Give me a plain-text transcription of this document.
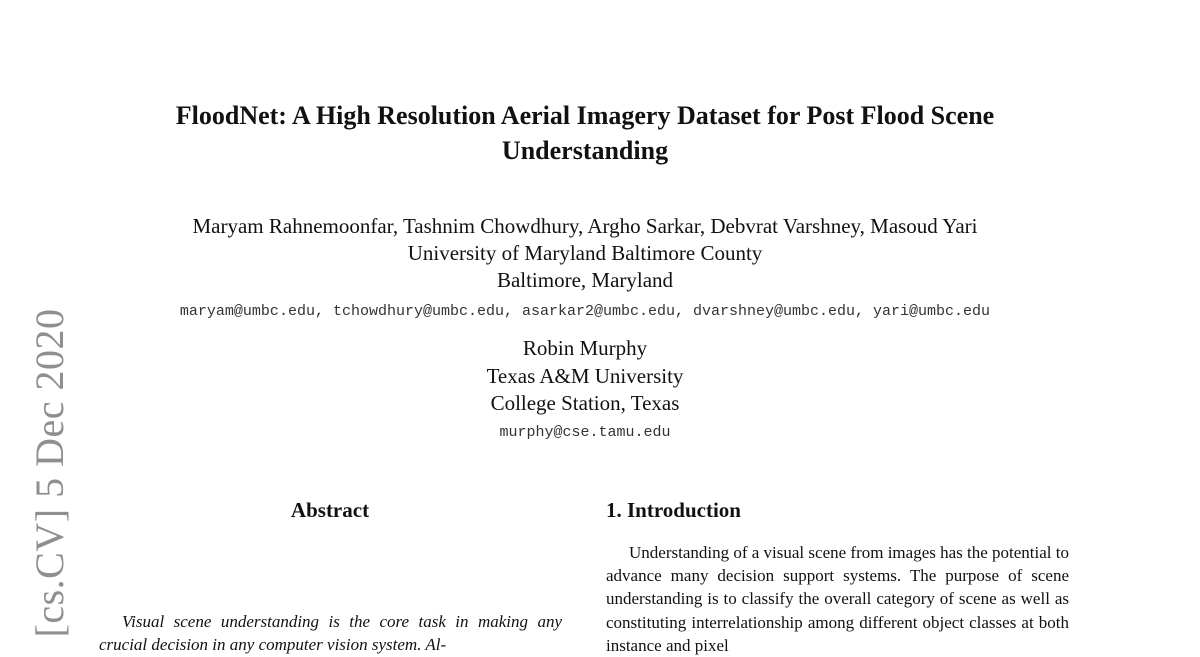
[cs.CV] 5 Dec 2020
FloodNet: A High Resolution Aerial Imagery Dataset for Post Flood Scene
Understanding
Maryam Rahnemoonfar, Tashnim Chowdhury, Argho Sarkar, Debvrat Varshney, Masoud Yari
University of Maryland Baltimore County
Baltimore, Maryland
maryam@umbc.edu, tchowdhury@umbc.edu, asarkar2@umbc.edu, dvarshney@umbc.edu, yari@umbc.edu
Robin Murphy
Texas A&M University
College Station, Texas
murphy@cse.tamu.edu
Abstract
Visual scene understanding is the core task in making any crucial decision in any computer vision system. Al-
1. Introduction
Understanding of a visual scene from images has the potential to advance many decision support systems. The purpose of scene understanding is to classify the overall category of scene as well as constituting interrelationship among different object classes at both instance and pixel
